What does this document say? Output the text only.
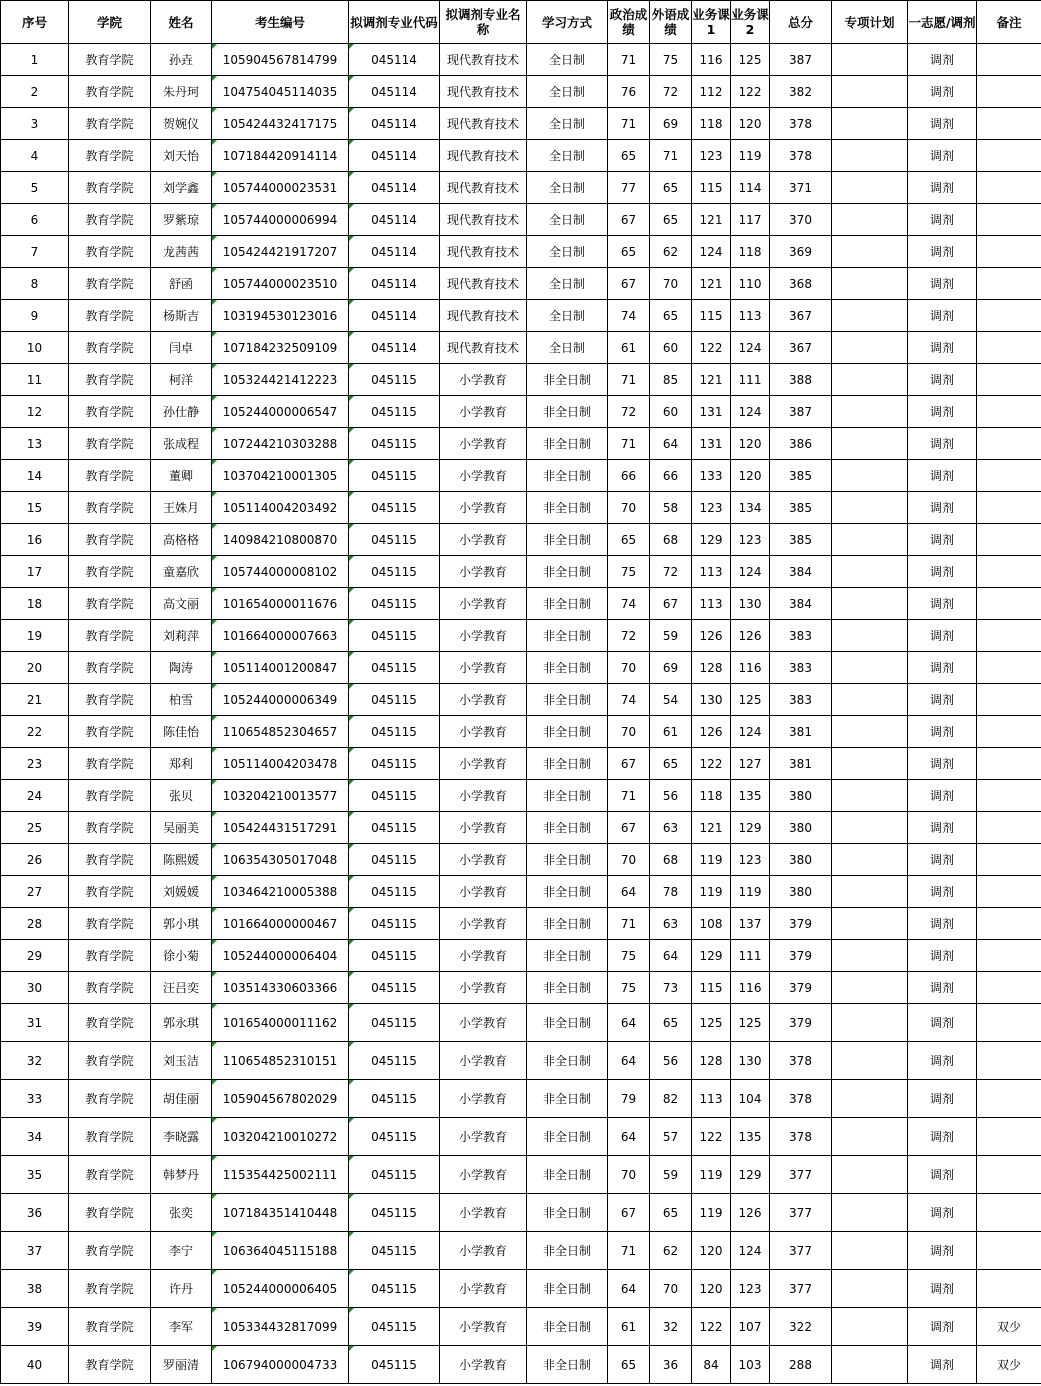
序号	学院	姓名	考生编号	拟调剂专业代码	拟调剂专业名称	学习方式	政治成绩	外语成绩	业务课1	业务课2	总分	专项计划	一志愿/调剂	备注
1	教育学院	孙垚	105904567814799	045114	现代教育技术	全日制	71	75	116	125	387		调剂	
2	教育学院	朱丹珂	104754045114035	045114	现代教育技术	全日制	76	72	112	122	382		调剂	
3	教育学院	贺婉仪	105424432417175	045114	现代教育技术	全日制	71	69	118	120	378		调剂	
4	教育学院	刘天怡	107184420914114	045114	现代教育技术	全日制	65	71	123	119	378		调剂	
5	教育学院	刘学鑫	105744000023531	045114	现代教育技术	全日制	77	65	115	114	371		调剂	
6	教育学院	罗紫琼	105744000006994	045114	现代教育技术	全日制	67	65	121	117	370		调剂	
7	教育学院	龙茜茜	105424421917207	045114	现代教育技术	全日制	65	62	124	118	369		调剂	
8	教育学院	舒函	105744000023510	045114	现代教育技术	全日制	67	70	121	110	368		调剂	
9	教育学院	杨斯吉	103194530123016	045114	现代教育技术	全日制	74	65	115	113	367		调剂	
10	教育学院	闫卓	107184232509109	045114	现代教育技术	全日制	61	60	122	124	367		调剂	
11	教育学院	柯洋	105324421412223	045115	小学教育	非全日制	71	85	121	111	388		调剂	
12	教育学院	孙仕静	105244000006547	045115	小学教育	非全日制	72	60	131	124	387		调剂	
13	教育学院	张成程	107244210303288	045115	小学教育	非全日制	71	64	131	120	386		调剂	
14	教育学院	董卿	103704210001305	045115	小学教育	非全日制	66	66	133	120	385		调剂	
15	教育学院	王姝月	105114004203492	045115	小学教育	非全日制	70	58	123	134	385		调剂	
16	教育学院	高格格	140984210800870	045115	小学教育	非全日制	65	68	129	123	385		调剂	
17	教育学院	童嘉欣	105744000008102	045115	小学教育	非全日制	75	72	113	124	384		调剂	
18	教育学院	高文丽	101654000011676	045115	小学教育	非全日制	74	67	113	130	384		调剂	
19	教育学院	刘莉萍	101664000007663	045115	小学教育	非全日制	72	59	126	126	383		调剂	
20	教育学院	陶涛	105114001200847	045115	小学教育	非全日制	70	69	128	116	383		调剂	
21	教育学院	柏雪	105244000006349	045115	小学教育	非全日制	74	54	130	125	383		调剂	
22	教育学院	陈佳怡	110654852304657	045115	小学教育	非全日制	70	61	126	124	381		调剂	
23	教育学院	郑利	105114004203478	045115	小学教育	非全日制	67	65	122	127	381		调剂	
24	教育学院	张贝	103204210013577	045115	小学教育	非全日制	71	56	118	135	380		调剂	
25	教育学院	吴丽美	105424431517291	045115	小学教育	非全日制	67	63	121	129	380		调剂	
26	教育学院	陈熙媛	106354305017048	045115	小学教育	非全日制	70	68	119	123	380		调剂	
27	教育学院	刘媛媛	103464210005388	045115	小学教育	非全日制	64	78	119	119	380		调剂	
28	教育学院	郭小琪	101664000000467	045115	小学教育	非全日制	71	63	108	137	379		调剂	
29	教育学院	徐小菊	105244000006404	045115	小学教育	非全日制	75	64	129	111	379		调剂	
30	教育学院	汪吕奕	103514330603366	045115	小学教育	非全日制	75	73	115	116	379		调剂	
31	教育学院	郭永琪	101654000011162	045115	小学教育	非全日制	64	65	125	125	379		调剂	
32	教育学院	刘玉洁	110654852310151	045115	小学教育	非全日制	64	56	128	130	378		调剂	
33	教育学院	胡佳丽	105904567802029	045115	小学教育	非全日制	79	82	113	104	378		调剂	
34	教育学院	李晓露	103204210010272	045115	小学教育	非全日制	64	57	122	135	378		调剂	
35	教育学院	韩梦丹	115354425002111	045115	小学教育	非全日制	70	59	119	129	377		调剂	
36	教育学院	张奕	107184351410448	045115	小学教育	非全日制	67	65	119	126	377		调剂	
37	教育学院	李宁	106364045115188	045115	小学教育	非全日制	71	62	120	124	377		调剂	
38	教育学院	许丹	105244000006405	045115	小学教育	非全日制	64	70	120	123	377		调剂	
39	教育学院	李军	105334432817099	045115	小学教育	非全日制	61	32	122	107	322		调剂	双少
40	教育学院	罗丽清	106794000004733	045115	小学教育	非全日制	65	36	84	103	288		调剂	双少
